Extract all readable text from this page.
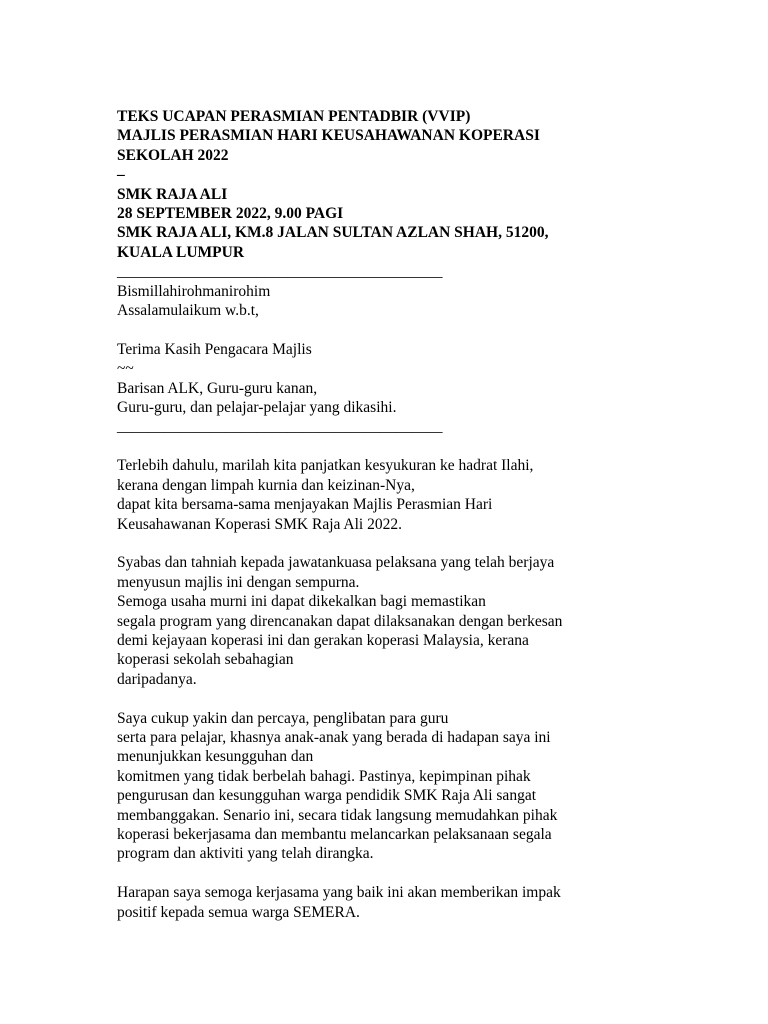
TEKS UCAPAN PERASMIAN PENTADBIR (VVIP)
MAJLIS PERASMIAN HARI KEUSAHAWANAN KOPERASI
SEKOLAH 2022
–
SMK RAJA ALI
28 SEPTEMBER 2022, 9.00 PAGI
SMK RAJA ALI, KM.8 JALAN SULTAN AZLAN SHAH, 51200,
KUALA LUMPUR
__________________________________________
Bismillahirohmanirohim
Assalamulaikum w.b.t,
Terima Kasih Pengacara Majlis
~~
Barisan ALK, Guru-guru kanan,
Guru-guru, dan pelajar-pelajar yang dikasihi.
__________________________________________
Terlebih dahulu, marilah kita panjatkan kesyukuran ke hadrat Ilahi,
kerana dengan limpah kurnia dan keizinan-Nya,
dapat kita bersama-sama menjayakan Majlis Perasmian Hari
Keusahawanan Koperasi SMK Raja Ali 2022.
Syabas dan tahniah kepada jawatankuasa pelaksana yang telah berjaya
menyusun majlis ini dengan sempurna.
Semoga usaha murni ini dapat dikekalkan bagi memastikan
segala program yang direncanakan dapat dilaksanakan dengan berkesan
demi kejayaan koperasi ini dan gerakan koperasi Malaysia, kerana
koperasi sekolah sebahagian
daripadanya.
Saya cukup yakin dan percaya, penglibatan para guru
serta para pelajar, khasnya anak-anak yang berada di hadapan saya ini
menunjukkan kesungguhan dan
komitmen yang tidak berbelah bahagi. Pastinya, kepimpinan pihak
pengurusan dan kesungguhan warga pendidik SMK Raja Ali sangat
membanggakan. Senario ini, secara tidak langsung memudahkan pihak
koperasi bekerjasama dan membantu melancarkan pelaksanaan segala
program dan aktiviti yang telah dirangka.
Harapan saya semoga kerjasama yang baik ini akan memberikan impak
positif kepada semua warga SEMERA.
